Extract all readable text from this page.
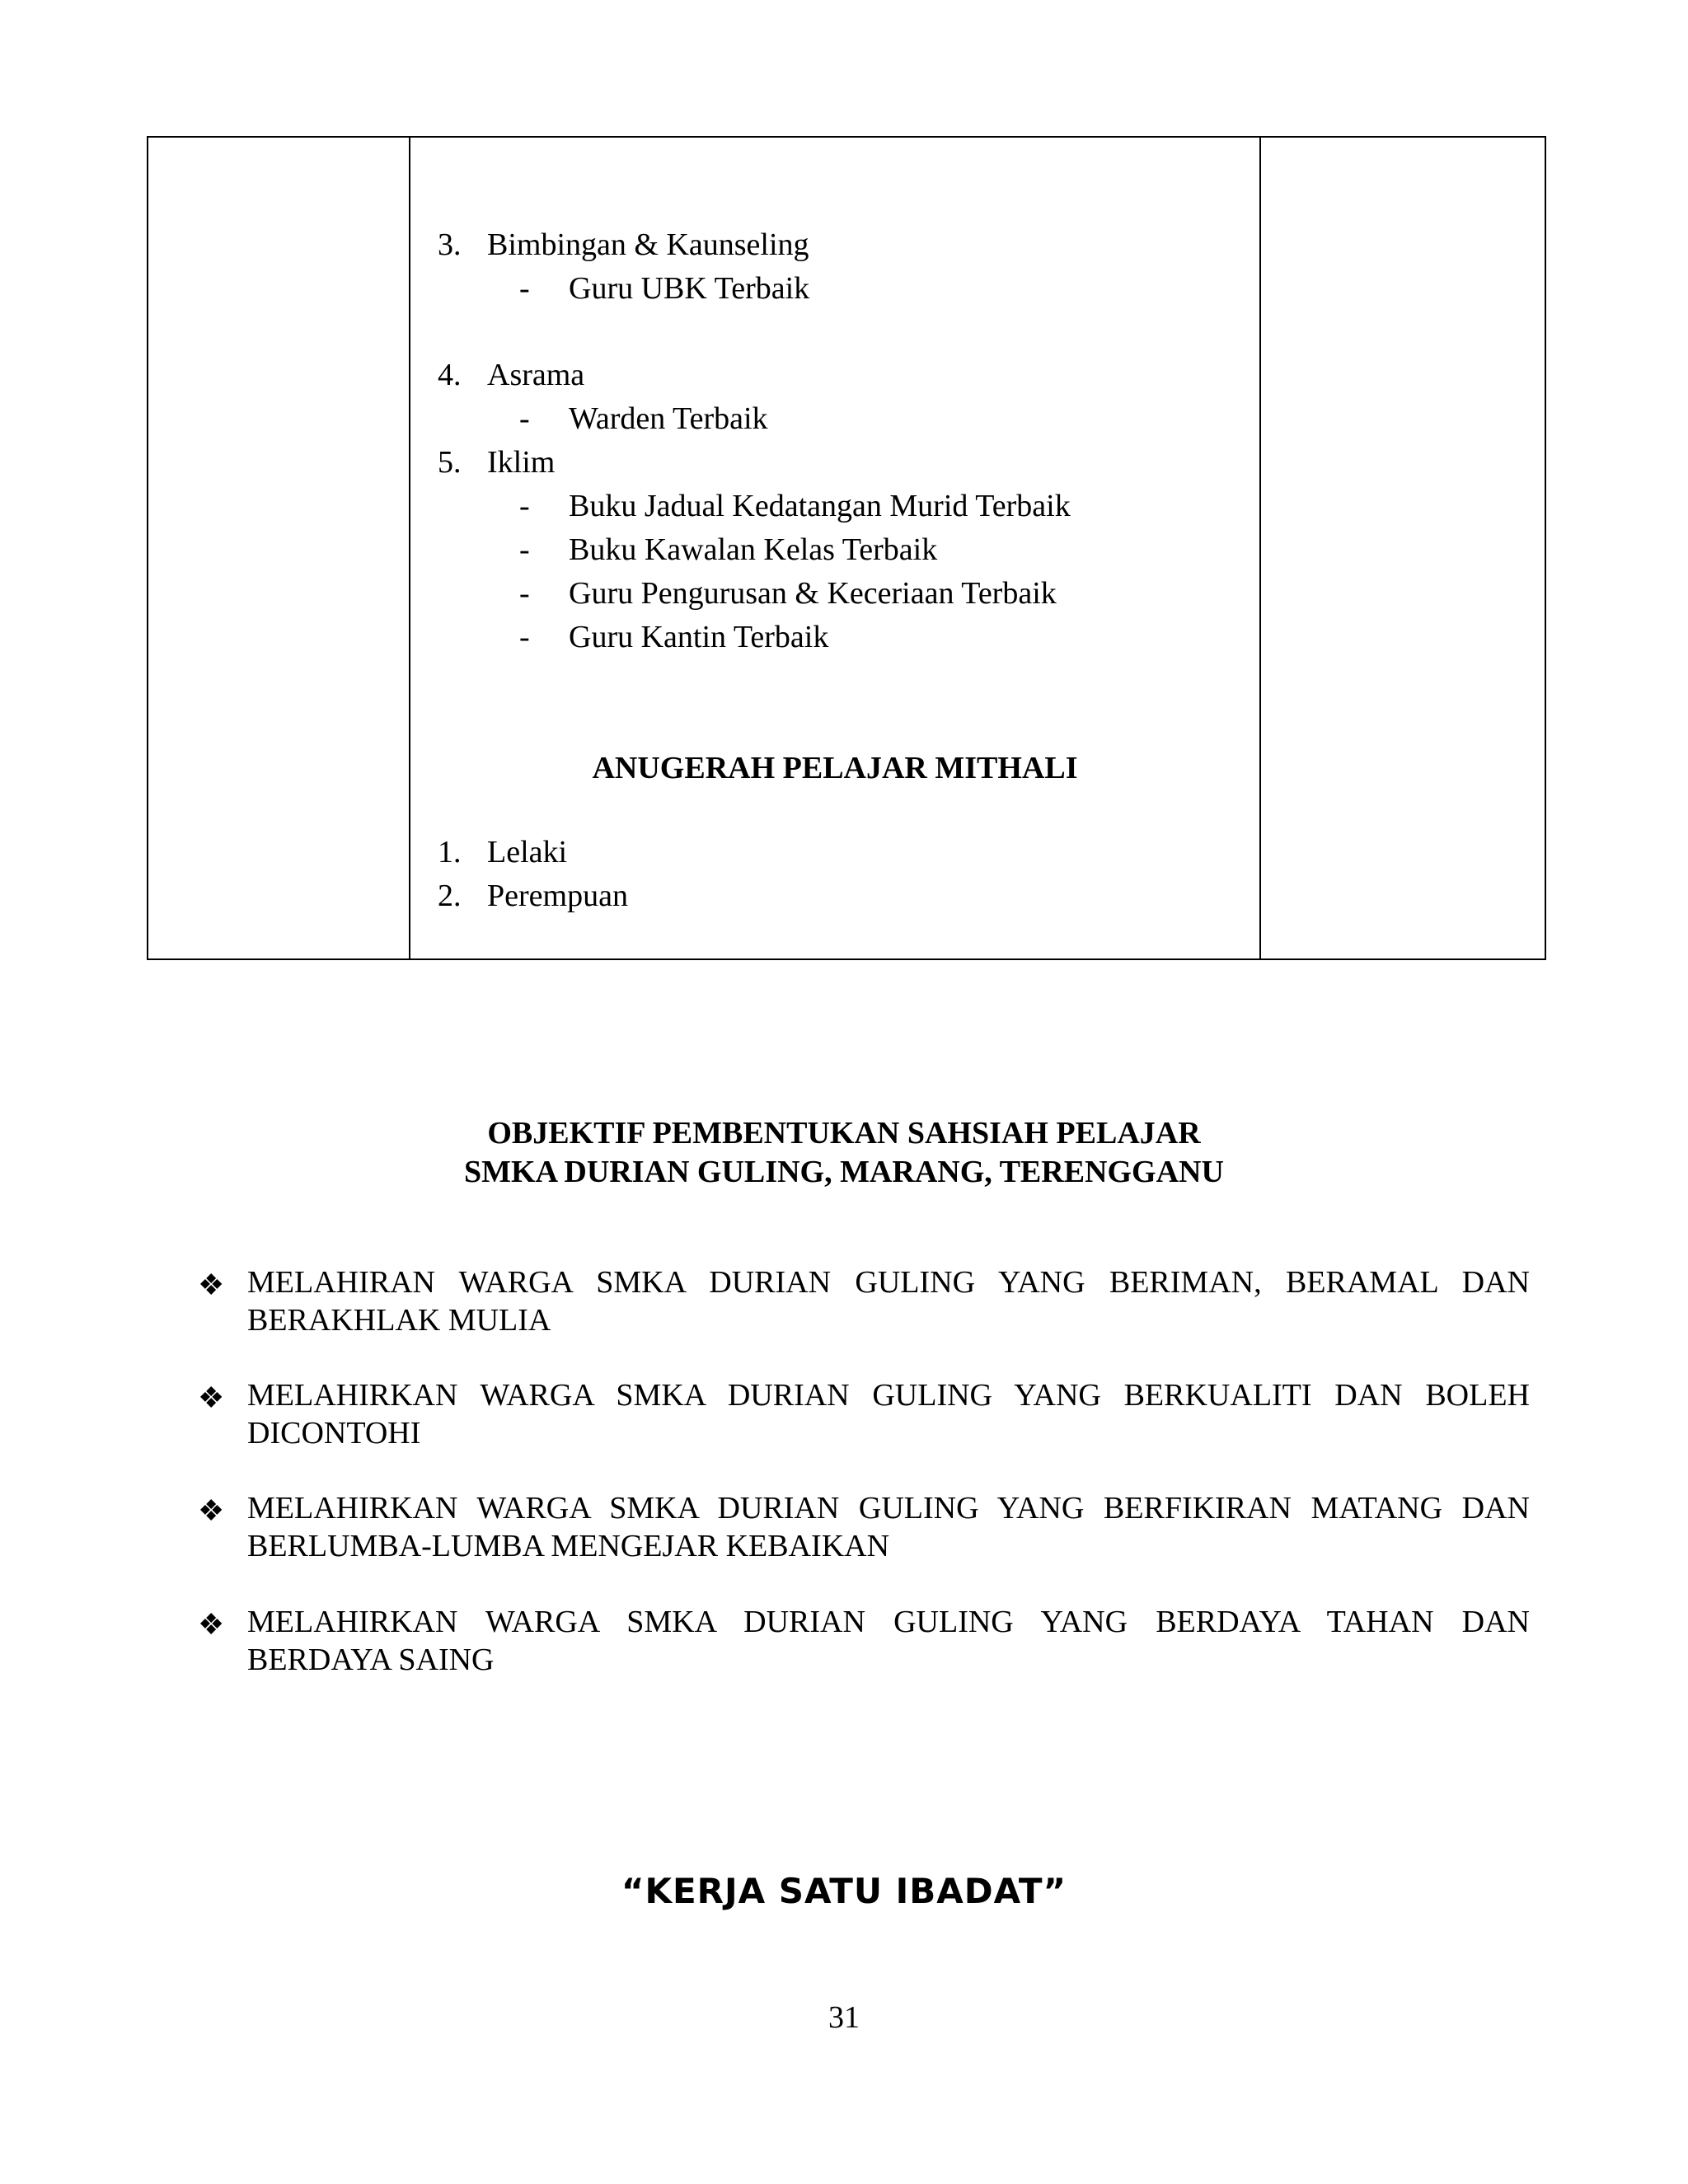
3. Bimbingan & Kaunseling
- Guru UBK Terbaik
4. Asrama
- Warden Terbaik
5. Iklim
- Buku Jadual Kedatangan Murid Terbaik
- Buku Kawalan Kelas Terbaik
- Guru Pengurusan & Keceriaan Terbaik
- Guru Kantin Terbaik
ANUGERAH PELAJAR MITHALI
1. Lelaki
2. Perempuan
OBJEKTIF PEMBENTUKAN SAHSIAH PELAJAR
SMKA DURIAN GULING, MARANG, TERENGGANU
❖ MELAHIRAN WARGA SMKA DURIAN GULING YANG BERIMAN, BERAMAL DAN
BERAKHLAK MULIA
❖ MELAHIRKAN WARGA SMKA DURIAN GULING YANG BERKUALITI DAN BOLEH
DICONTOHI
❖ MELAHIRKAN WARGA SMKA DURIAN GULING YANG BERFIKIRAN MATANG DAN
BERLUMBA-LUMBA MENGEJAR KEBAIKAN
❖ MELAHIRKAN WARGA SMKA DURIAN GULING YANG BERDAYA TAHAN DAN
BERDAYA SAING
“KERJA SATU IBADAT”
31
